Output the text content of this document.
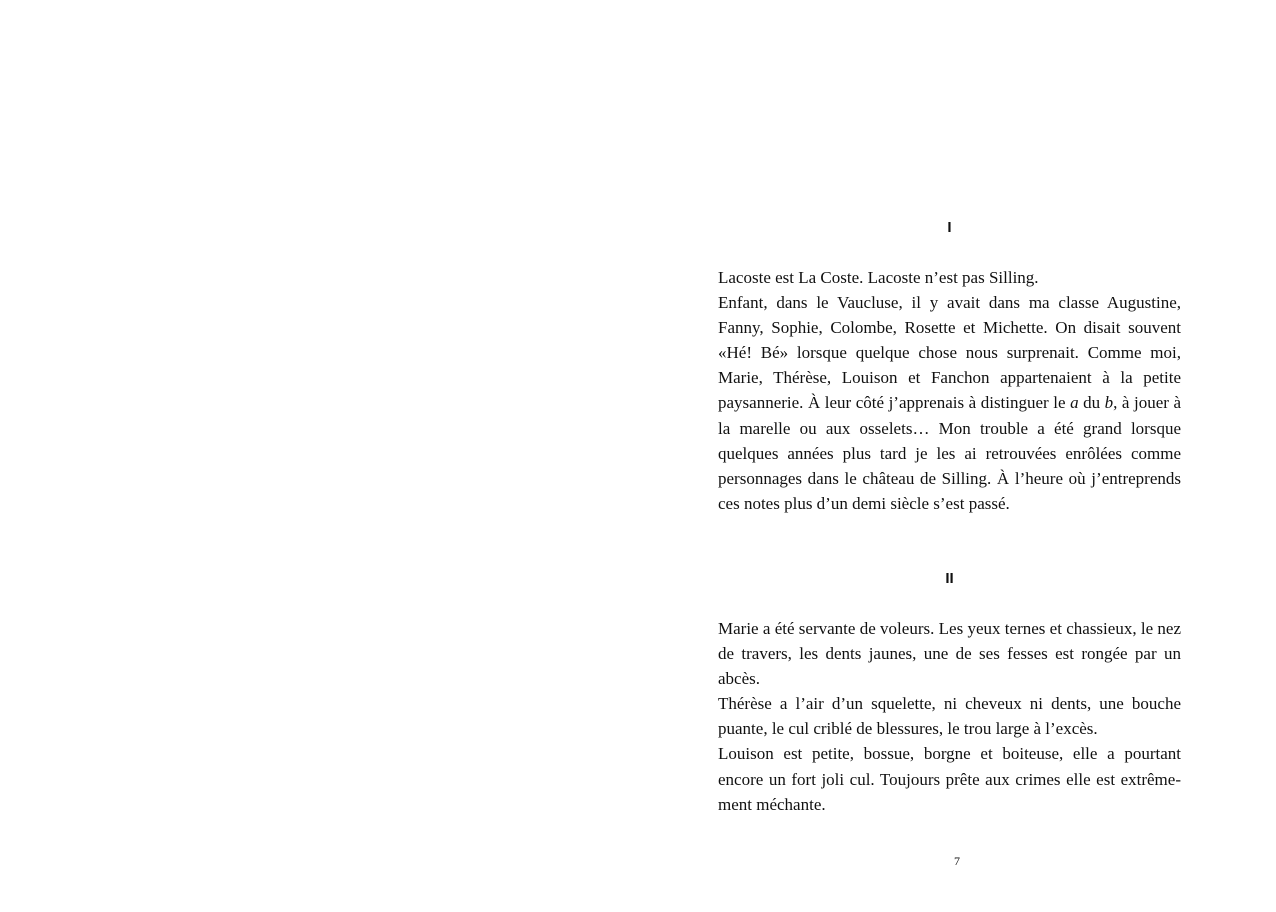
I

Lacoste est La Coste. Lacoste n’est pas Silling.

Enfant, dans le Vaucluse, il y avait dans ma classe Augustine, Fanny, Sophie, Colombe, Rosette et Michette. On disait souvent «Hé! Bé» lorsque quelque chose nous surprenait. Comme moi, Marie, Thérèse, Louison et Fanchon appartenaient à la petite paysannerie. À leur côté j’apprenais à distinguer le a du b, à jouer à la marelle ou aux osselets… Mon trouble a été grand lorsque quelques années plus tard je les ai retrouvées enrôlées comme personnages dans le château de Silling. À l’heure où j’entreprends ces notes plus d’un demi siècle s’est passé.

II

Marie a été servante de voleurs. Les yeux ternes et chassieux, le nez de travers, les dents jaunes, une de ses fesses est rongée par un abcès.

Thérèse a l’air d’un squelette, ni cheveux ni dents, une bouche puante, le cul criblé de blessures, le trou large à l’excès.

Louison est petite, bossue, borgne et boiteuse, elle a pourtant encore un fort joli cul. Toujours prête aux crimes elle est extrême-ment méchante.

7
